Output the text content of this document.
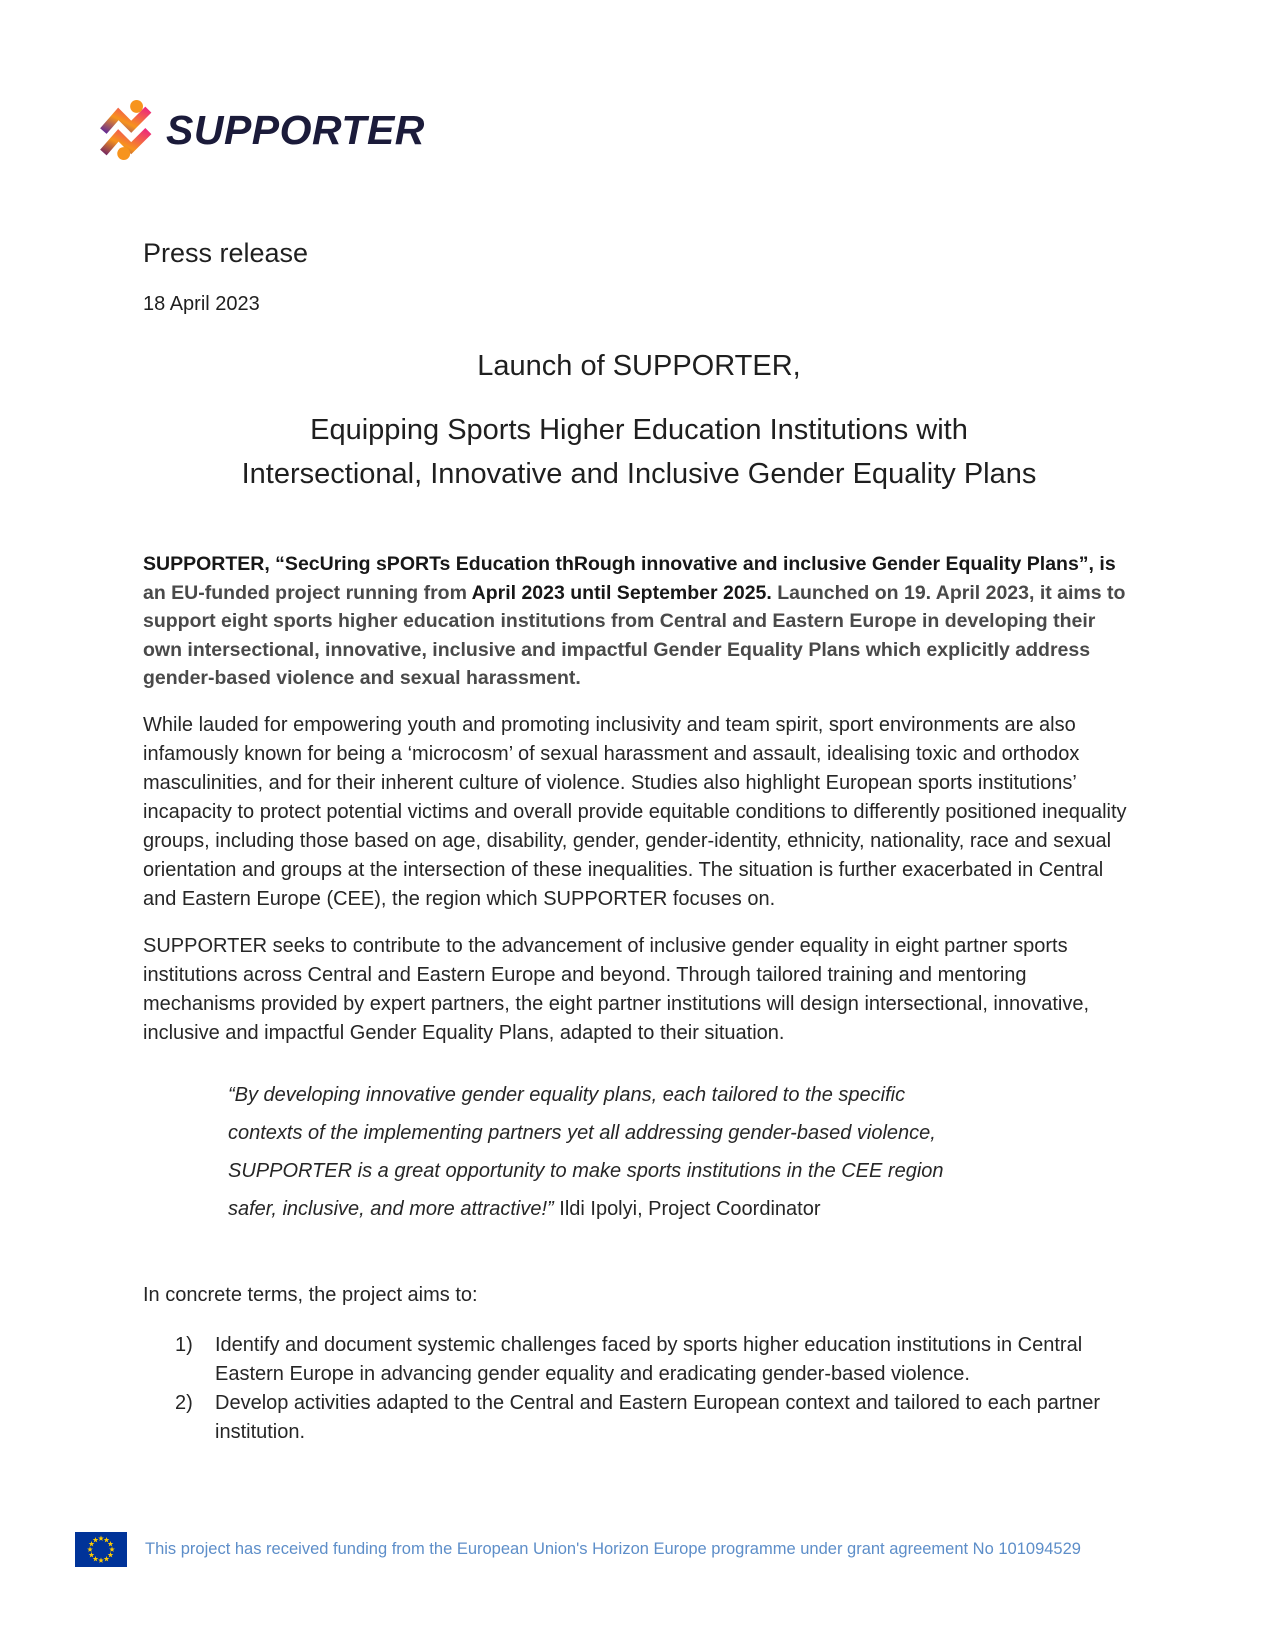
SUPPORTER

Press release

18 April 2023

Launch of SUPPORTER,
Equipping Sports Higher Education Institutions with
Intersectional, Innovative and Inclusive Gender Equality Plans

SUPPORTER, “SecUring sPORTs Education thRough innovative and inclusive Gender Equality Plans”, is an EU-funded project running from April 2023 until September 2025. Launched on 19. April 2023, it aims to support eight sports higher education institutions from Central and Eastern Europe in developing their own intersectional, innovative, inclusive and impactful Gender Equality Plans which explicitly address gender-based violence and sexual harassment.

While lauded for empowering youth and promoting inclusivity and team spirit, sport environments are also infamously known for being a ‘microcosm’ of sexual harassment and assault, idealising toxic and orthodox masculinities, and for their inherent culture of violence. Studies also highlight European sports institutions’ incapacity to protect potential victims and overall provide equitable conditions to differently positioned inequality groups, including those based on age, disability, gender, gender-identity, ethnicity, nationality, race and sexual orientation and groups at the intersection of these inequalities. The situation is further exacerbated in Central and Eastern Europe (CEE), the region which SUPPORTER focuses on.

SUPPORTER seeks to contribute to the advancement of inclusive gender equality in eight partner sports institutions across Central and Eastern Europe and beyond. Through tailored training and mentoring mechanisms provided by expert partners, the eight partner institutions will design intersectional, innovative, inclusive and impactful Gender Equality Plans, adapted to their situation.

“By developing innovative gender equality plans, each tailored to the specific contexts of the implementing partners yet all addressing gender-based violence, SUPPORTER is a great opportunity to make sports institutions in the CEE region safer, inclusive, and more attractive!” Ildi Ipolyi, Project Coordinator

In concrete terms, the project aims to:

1)	Identify and document systemic challenges faced by sports higher education institutions in Central Eastern Europe in advancing gender equality and eradicating gender-based violence.
2)	Develop activities adapted to the Central and Eastern European context and tailored to each partner institution.
This project has received funding from the European Union's Horizon Europe programme under grant agreement No 101094529
